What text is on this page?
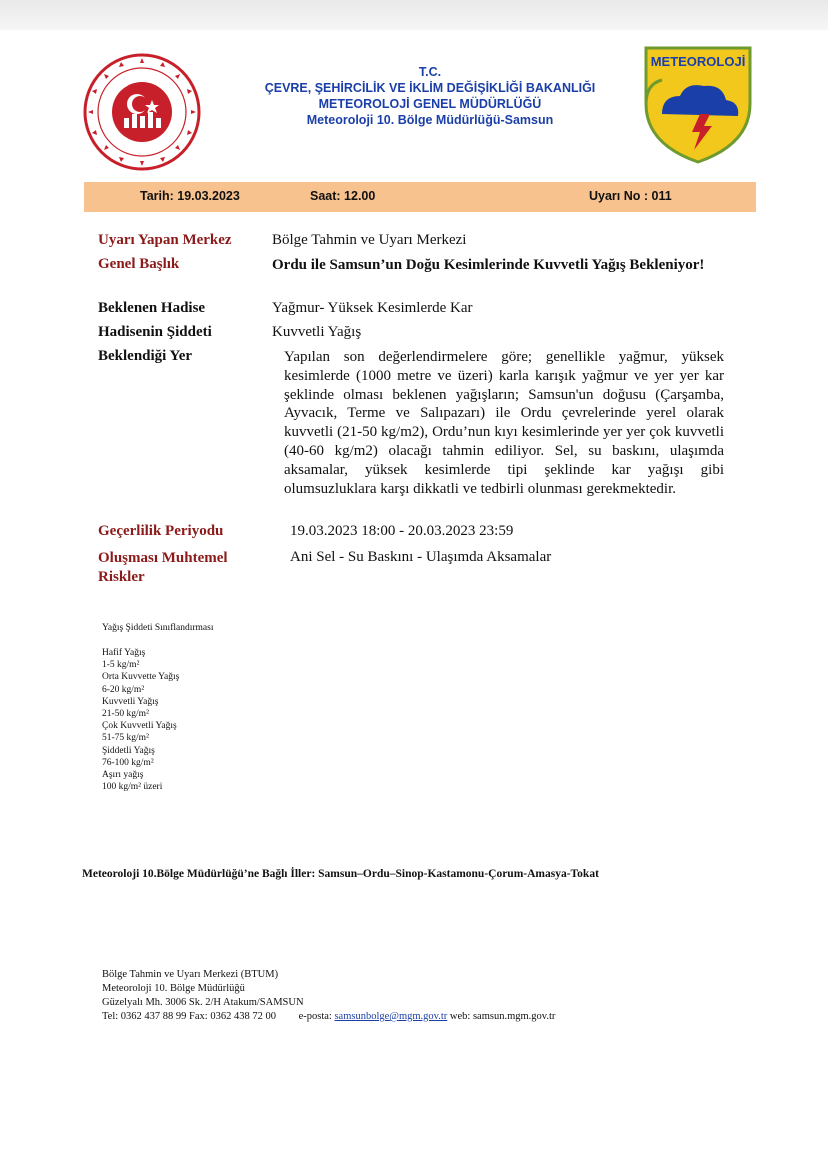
T.C.
ÇEVRE, ŞEHİRCİLİK VE İKLİM DEĞİŞİKLİĞİ BAKANLIĞI
METEOROLOJİ GENEL MÜDÜRLÜĞÜ
Meteoroloji 10. Bölge Müdürlüğü-Samsun
METEOROLOJİ
Tarih: 19.03.2023	Saat: 12.00	Uyarı No : 011
Uyarı Yapan Merkez	Bölge Tahmin ve Uyarı Merkezi
Genel Başlık	Ordu ile Samsun’un Doğu Kesimlerinde Kuvvetli Yağış Bekleniyor!
Beklenen Hadise	Yağmur- Yüksek Kesimlerde Kar
Hadisenin Şiddeti	Kuvvetli Yağış
Beklendiği Yer	Yapılan son değerlendirmelere göre; genellikle yağmur, yüksek kesimlerde (1000 metre ve üzeri) karla karışık yağmur ve yer yer kar şeklinde olması beklenen yağışların; Samsun'un doğusu (Çarşamba, Ayvacık, Terme ve Salıpazarı) ile Ordu çevrelerinde yerel olarak kuvvetli (21-50 kg/m2), Ordu’nun kıyı kesimlerinde yer yer çok kuvvetli (40-60 kg/m2) olacağı tahmin ediliyor. Sel, su baskını, ulaşımda aksamalar, yüksek kesimlerde tipi şeklinde kar yağışı gibi olumsuzluklara karşı dikkatli ve tedbirli olunması gerekmektedir.
Geçerlilik Periyodu	19.03.2023 18:00 - 20.03.2023 23:59
Oluşması Muhtemel Riskler
Ani Sel - Su Baskını - Ulaşımda Aksamalar
Yağış Şiddeti Sınıflandırması
Hafif Yağış
1-5 kg/m²
Orta Kuvvette Yağış
6-20 kg/m²
Kuvvetli Yağış
21-50 kg/m²
Çok Kuvvetli Yağış
51-75 kg/m²
Şiddetli Yağış
76-100 kg/m²
Aşırı yağış
100 kg/m² üzeri
Meteoroloji 10.Bölge Müdürlüğü’ne Bağlı İller: Samsun–Ordu–Sinop-Kastamonu-Çorum-Amasya-Tokat
Bölge Tahmin ve Uyarı Merkezi (BTUM)
Meteoroloji 10. Bölge Müdürlüğü
Güzelyalı Mh. 3006 Sk. 2/H Atakum/SAMSUN
Tel: 0362 437 88 99 Fax: 0362 438 72 00 e-posta: samsunbolge@mgm.gov.tr web: samsun.mgm.gov.tr
